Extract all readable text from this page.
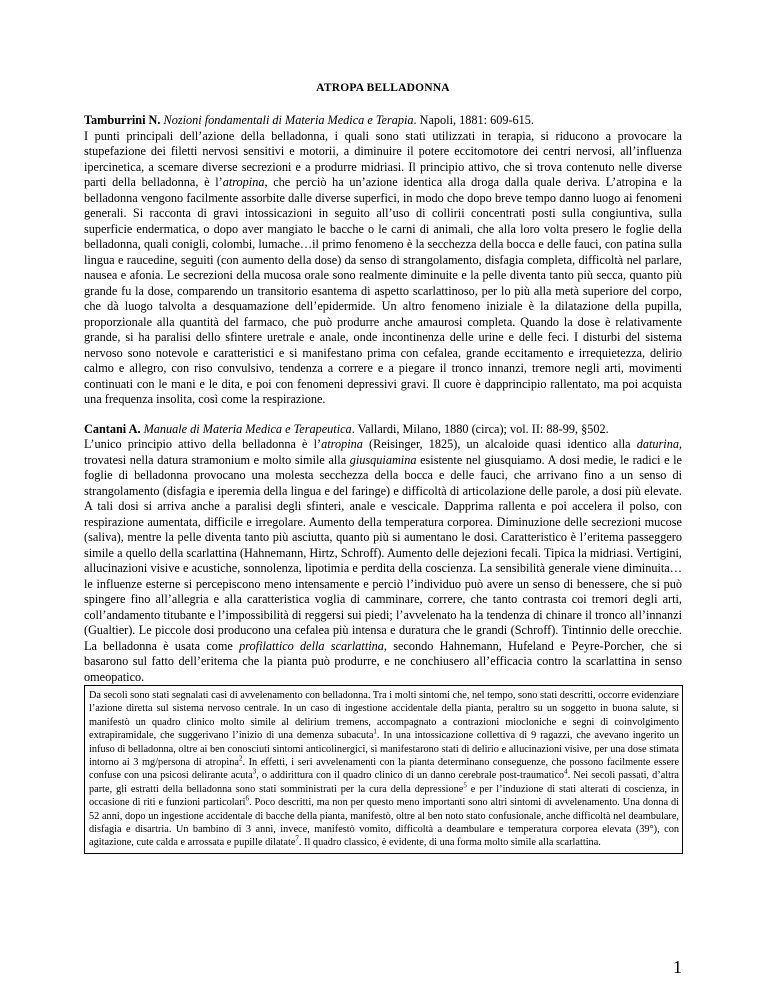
ATROPA BELLADONNA

Tamburrini N. Nozioni fondamentali di Materia Medica e Terapia. Napoli, 1881: 609-615.

I punti principali dell’azione della belladonna, i quali sono stati utilizzati in terapia, si riducono a provocare la stupefazione dei filetti nervosi sensitivi e motorii, a diminuire il potere eccitomotore dei centri nervosi, all’influenza ipercinetica, a scemare diverse secrezioni e a produrre midriasi. Il principio attivo, che si trova contenuto nelle diverse parti della belladonna, è l’atropina, che perciò ha un’azione identica alla droga dalla quale deriva. L’atropina e la belladonna vengono facilmente assorbite dalle diverse superfici, in modo che dopo breve tempo danno luogo ai fenomeni generali. Si racconta di gravi intossicazioni in seguito all’uso di collirii concentrati posti sulla congiuntiva, sulla superficie endermatica, o dopo aver mangiato le bacche o le carni di animali, che alla loro volta presero le foglie della belladonna, quali conigli, colombi, lumache…il primo fenomeno è la secchezza della bocca e delle fauci, con patina sulla lingua e raucedine, seguiti (con aumento della dose) da senso di strangolamento, disfagia completa, difficoltà nel parlare, nausea e afonia. Le secrezioni della mucosa orale sono realmente diminuite e la pelle diventa tanto più secca, quanto più grande fu la dose, comparendo un transitorio esantema di aspetto scarlattinoso, per lo più alla metà superiore del corpo, che dà luogo talvolta a desquamazione dell’epidermide. Un altro fenomeno iniziale è la dilatazione della pupilla, proporzionale alla quantità del farmaco, che può produrre anche amaurosi completa. Quando la dose è relativamente grande, si ha paralisi dello sfintere uretrale e anale, onde incontinenza delle urine e delle feci. I disturbi del sistema nervoso sono notevole e caratteristici e si manifestano prima con cefalea, grande eccitamento e irrequietezza, delirio calmo e allegro, con riso convulsivo, tendenza a correre e a piegare il tronco innanzi, tremore negli arti, movimenti continuati con le mani e le dita, e poi con fenomeni depressivi gravi. Il cuore è dapprincipio rallentato, ma poi acquista una frequenza insolita, così come la respirazione.

Cantani A. Manuale di Materia Medica e Terapeutica. Vallardi, Milano, 1880 (circa); vol. II: 88-99, §502.

L’unico principio attivo della belladonna è l’atropina (Reisinger, 1825), un alcaloide quasi identico alla daturina, trovatesi nella datura stramonium e molto simile alla giusquiamina esistente nel giusquiamo. A dosi medie, le radici e le foglie di belladonna provocano una molesta secchezza della bocca e delle fauci, che arrivano fino a un senso di strangolamento (disfagia e iperemia della lingua e del faringe) e difficoltà di articolazione delle parole, a dosi più elevate. A tali dosi si arriva anche a paralisi degli sfinteri, anale e vescicale. Dapprima rallenta e poi accelera il polso, con respirazione aumentata, difficile e irregolare. Aumento della temperatura corporea. Diminuzione delle secrezioni mucose (saliva), mentre la pelle diventa tanto più asciutta, quanto più si aumentano le dosi. Caratteristico è l’eritema passeggero simile a quello della scarlattina (Hahnemann, Hirtz, Schroff). Aumento delle dejezioni fecali. Tipica la midriasi. Vertigini, allucinazioni visive e acustiche, sonnolenza, lipotimia e perdita della coscienza. La sensibilità generale viene diminuita…le influenze esterne si percepiscono meno intensamente e perciò l’individuo può avere un senso di benessere, che si può spingere fino all’allegria e alla caratteristica voglia di camminare, correre, che tanto contrasta coi tremori degli arti, coll’andamento titubante e l’impossibilità di reggersi sui piedi; l’avvelenato ha la tendenza di chinare il tronco all’innanzi (Gualtier). Le piccole dosi producono una cefalea più intensa e duratura che le grandi (Schroff). Tintinnio delle orecchie. La belladonna è usata come profilattico della scarlattina, secondo Hahnemann, Hufeland e Peyre-Porcher, che si basarono sul fatto dell’eritema che la pianta può produrre, e ne conchiusero all’efficacia contro la scarlattina in senso omeopatico.

Da secoli sono stati segnalati casi di avvelenamento con belladonna. Tra i molti sintomi che, nel tempo, sono stati descritti, occorre evidenziare l’azione diretta sul sistema nervoso centrale. In un caso di ingestione accidentale della pianta, peraltro su un soggetto in buona salute, si manifestò un quadro clinico molto simile al delirium tremens, accompagnato a contrazioni miocloniche e segni di coinvolgimento extrapiramidale, che suggerivano l’inizio di una demenza subacuta$^1$. In una intossicazione collettiva di 9 ragazzi, che avevano ingerito un infuso di belladonna, oltre ai ben conosciuti sintomi anticolinergici, si manifestarono stati di delirio e allucinazioni visive, per una dose stimata intorno ai 3 mg/persona di atropina$^2$. In effetti, i seri avvelenamenti con la pianta determinano conseguenze, che possono facilmente essere confuse con una psicosi delirante acuta$^3$, o addirittura con il quadro clinico di un danno cerebrale post-traumatico$^4$. Nei secoli passati, d’altra parte, gli estratti della belladonna sono stati somministrati per la cura della depressione$^5$ e per l’induzione di stati alterati di coscienza, in occasione di riti e funzioni particolari$^6$. Poco descritti, ma non per questo meno importanti sono altri sintomi di avvelenamento. Una donna di 52 anni, dopo un ingestione accidentale di bacche della pianta, manifestò, oltre al ben noto stato confusionale, anche difficoltà nel deambulare, disfagia e disartria. Un bambino di 3 anni, invece, manifestò vomito, difficoltà a deambulare e temperatura corporea elevata (39°), con agitazione, cute calda e arrossata e pupille dilatate$^7$. Il quadro classico, è evidente, di una forma molto simile alla scarlattina.
1
